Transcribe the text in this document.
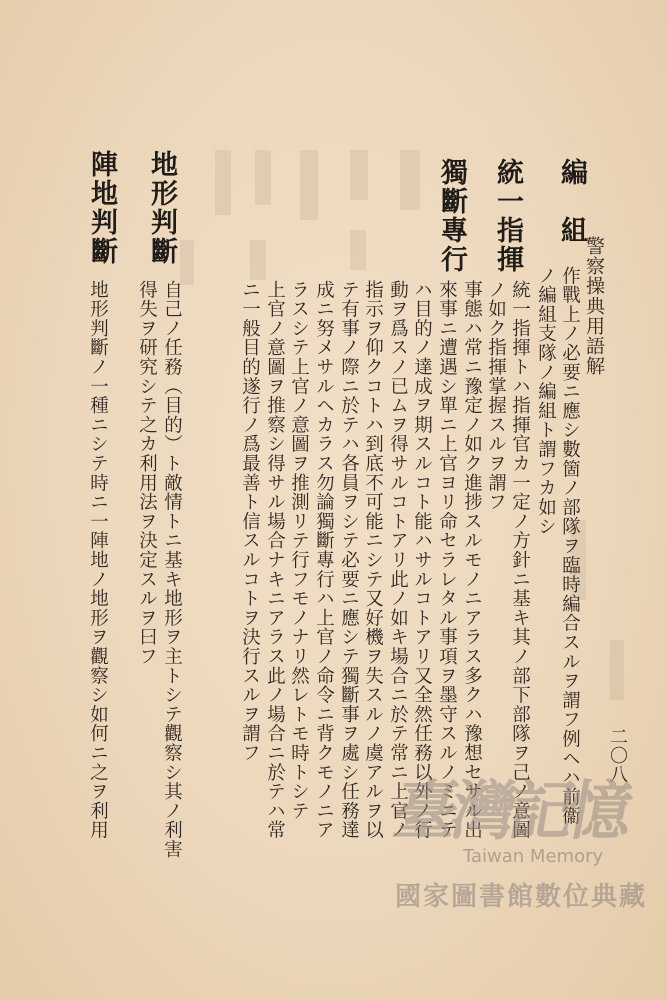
警察操典用語解
二〇八
編　組
作戰上ノ必要ニ應シ數箇ノ部隊ヲ臨時編合スルヲ謂フ例ヘハ前衞
ノ編組支隊ノ編組ト謂フカ如シ
統一指揮
統一指揮トハ指揮官カ一定ノ方針ニ基キ其ノ部下部隊ヲ己ノ意圖
ノ如ク指揮掌握スルヲ謂フ
獨斷專行
事態ハ常ニ豫定ノ如ク進捗スルモノニアラス多クハ豫想セサル出
來事ニ遭遇シ單ニ上官ヨリ命セラレタル事項ヲ墨守スルノミニテ
ハ目的ノ達成ヲ期スルコト能ハサルコトアリ又全然任務以外ノ行
動ヲ爲スノ已ムヲ得サルコトアリ此ノ如キ場合ニ於テ常ニ上官ノ
指示ヲ仰クコトハ到底不可能ニシテ又好機ヲ失スルノ虞アルヲ以
テ有事ノ際ニ於テハ各員ヲシテ必要ニ應シテ獨斷事ヲ處シ任務達
成ニ努メサルヘカラス勿論獨斷專行ハ上官ノ命令ニ背クモノニア
ラスシテ上官ノ意圖ヲ推測リテ行フモノナリ然レトモ時トシテ
上官ノ意圖ヲ推察シ得サル場合ナキニアラス此ノ場合ニ於テハ常
ニ一般目的遂行ノ爲最善ト信スルコトヲ決行スルヲ謂フ
地形判斷
自己ノ任務（目的）ト敵情トニ基キ地形ヲ主トシテ觀察シ其ノ利害
得失ヲ研究シテ之カ利用法ヲ決定スルヲ曰フ
陣地判斷
地形判斷ノ一種ニシテ時ニ一陣地ノ地形ヲ觀察シ如何ニ之ヲ利用	臺灣記憶
Taiwan Memory
國家圖書館數位典藏
